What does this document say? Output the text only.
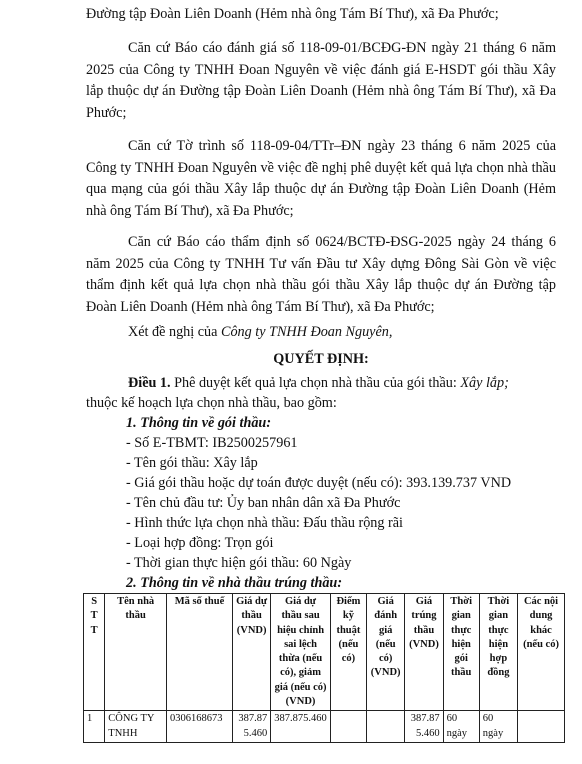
Đường tập Đoàn Liên Doanh (Hẻm nhà ông Tám Bí Thư), xã Đa Phước;

Căn cứ Báo cáo đánh giá số 118-09-01/BCĐG-ĐN ngày 21 tháng 6 năm 2025 của Công ty TNHH Đoan Nguyên về việc đánh giá E-HSDT gói thầu Xây lắp thuộc dự án Đường tập Đoàn Liên Doanh (Hẻm nhà ông Tám Bí Thư), xã Đa Phước;

Căn cứ Tờ trình số 118-09-04/TTr–ĐN ngày 23 tháng 6 năm 2025 của Công ty TNHH Đoan Nguyên về việc đề nghị phê duyệt kết quả lựa chọn nhà thầu qua mạng của gói thầu Xây lắp thuộc dự án Đường tập Đoàn Liên Doanh (Hẻm nhà ông Tám Bí Thư), xã Đa Phước;

Căn cứ Báo cáo thẩm định số 0624/BCTĐ-ĐSG-2025 ngày 24 tháng 6 năm 2025 của Công ty TNHH Tư vấn Đầu tư Xây dựng Đông Sài Gòn về việc thẩm định kết quả lựa chọn nhà thầu gói thầu Xây lắp thuộc dự án Đường tập Đoàn Liên Doanh (Hẻm nhà ông Tám Bí Thư), xã Đa Phước;

Xét đề nghị của Công ty TNHH Đoan Nguyên,

QUYẾT ĐỊNH:

Điều 1. Phê duyệt kết quả lựa chọn nhà thầu của gói thầu: Xây lắp;

thuộc kế hoạch lựa chọn nhà thầu, bao gồm:

1. Thông tin về gói thầu:

- Số E-TBMT: IB2500257961

- Tên gói thầu: Xây lắp

- Giá gói thầu hoặc dự toán được duyệt (nếu có): 393.139.737 VND

- Tên chủ đầu tư: Ủy ban nhân dân xã Đa Phước

- Hình thức lựa chọn nhà thầu: Đấu thầu rộng rãi

- Loại hợp đồng: Trọn gói

- Thời gian thực hiện gói thầu: 60 Ngày

2. Thông tin về nhà thầu trúng thầu:

S
T
T	Tên nhà thầu	Mã số thuế	Giá dự thầu (VND)	Giá dự thầu sau hiệu chỉnh sai lệch thừa (nếu có), giảm giá (nếu có) (VND)	Điểm kỹ thuật (nếu có)	Giá đánh giá (nếu có) (VND)	Giá trúng thầu (VND)	Thời gian thực hiện gói thầu	Thời gian thực hiện hợp đồng	Các nội dung khác (nếu có)
1	CÔNG TY TNHH	0306168673	387.875.460	387.875.460			387.875.460	60 ngày	60 ngày	
